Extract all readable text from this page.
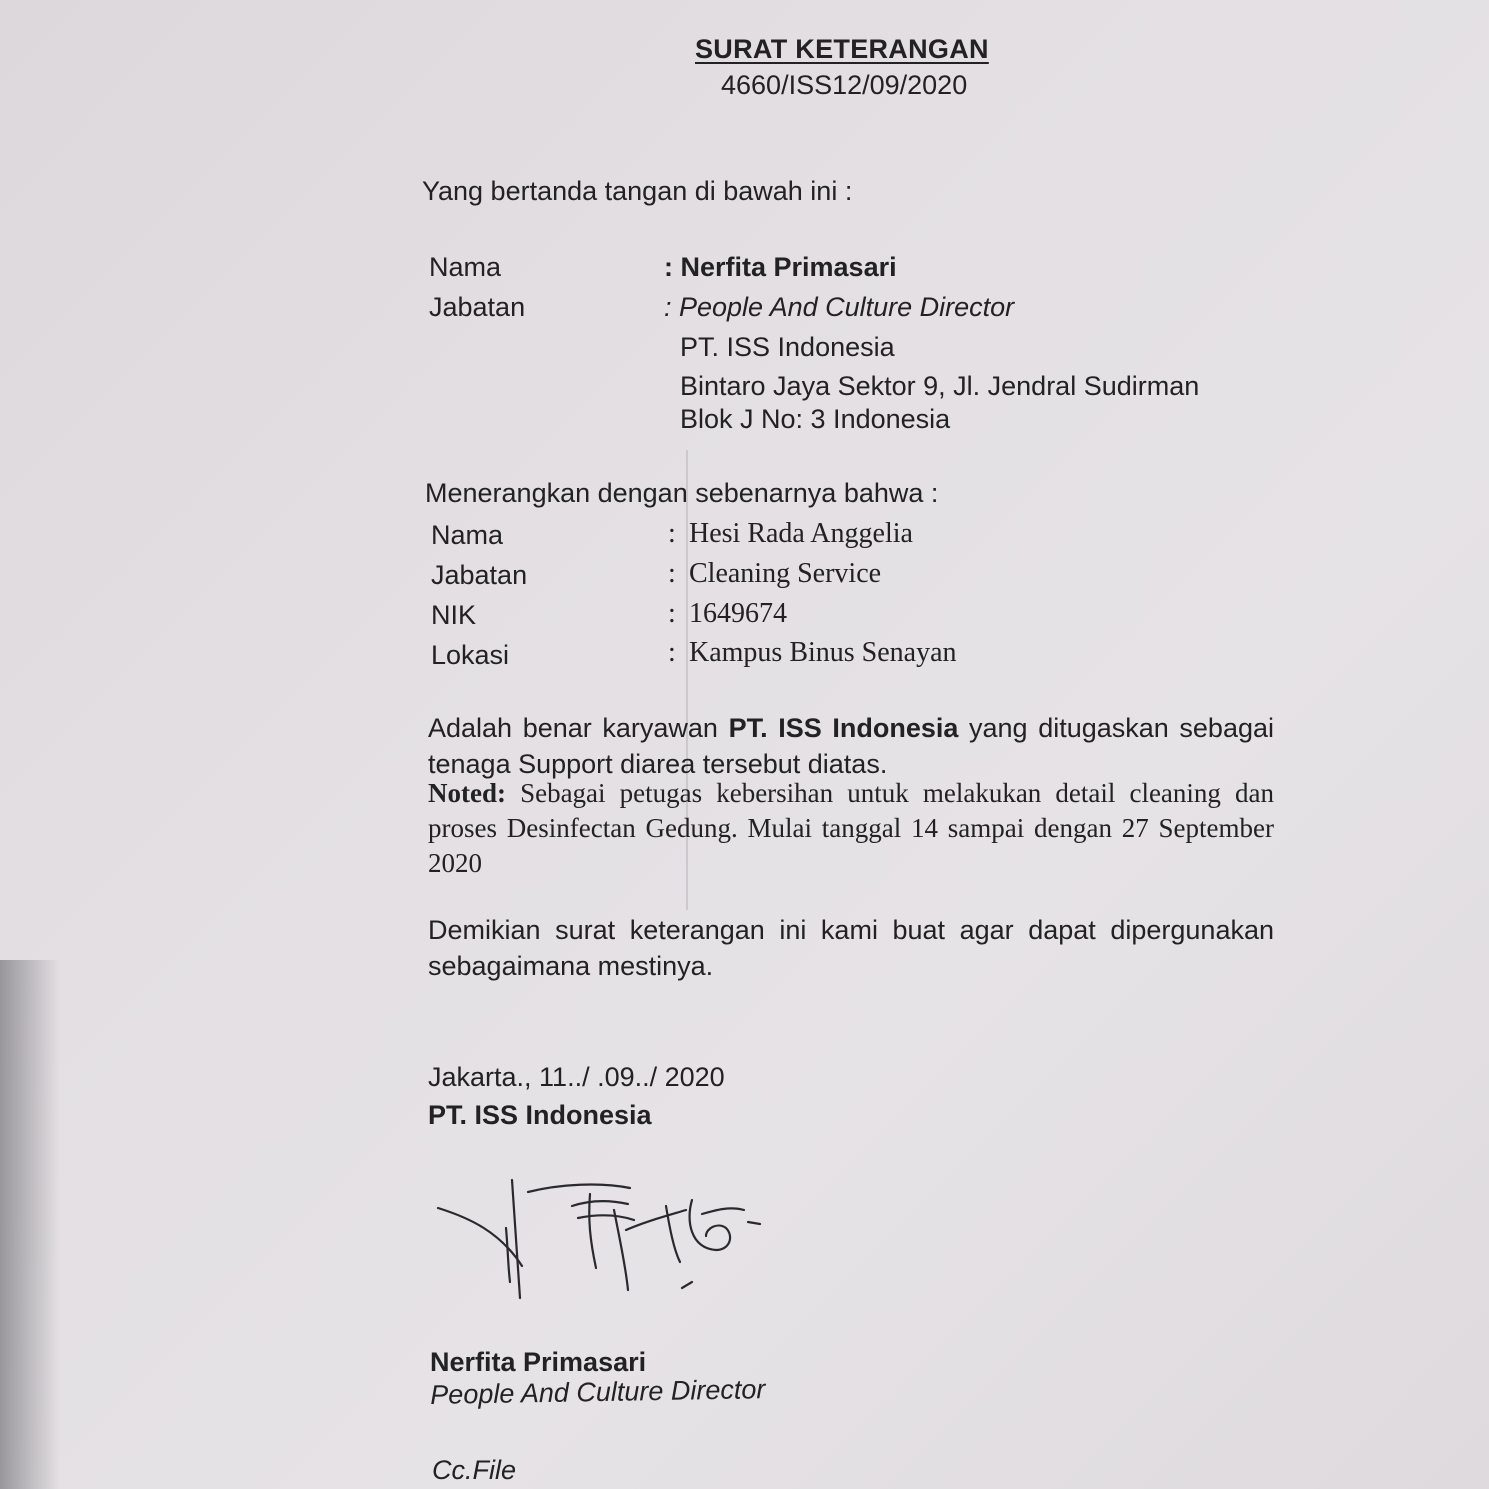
SURAT KETERANGAN
4660/ISS12/09/2020
Yang bertanda tangan di bawah ini :
Nama	: Nerfita Primasari
Jabatan	: People And Culture Director
PT. ISS Indonesia
Bintaro Jaya Sektor 9, Jl. Jendral Sudirman
Blok J No: 3 Indonesia
Menerangkan dengan sebenarnya bahwa :
Nama	: Hesi Rada Anggelia
Jabatan	: Cleaning Service
NIK	: 1649674
Lokasi	: Kampus Binus Senayan
Adalah benar karyawan PT. ISS Indonesia yang ditugaskan sebagai tenaga Support diarea tersebut diatas.
Noted: Sebagai petugas kebersihan untuk melakukan detail cleaning dan proses Desinfectan Gedung. Mulai tanggal 14 sampai dengan 27 September 2020
Demikian surat keterangan ini kami buat agar dapat dipergunakan sebagaimana mestinya.
Jakarta., 11../ .09../ 2020
PT. ISS Indonesia
Nerfita Primasari
People And Culture Director
Cc.File
